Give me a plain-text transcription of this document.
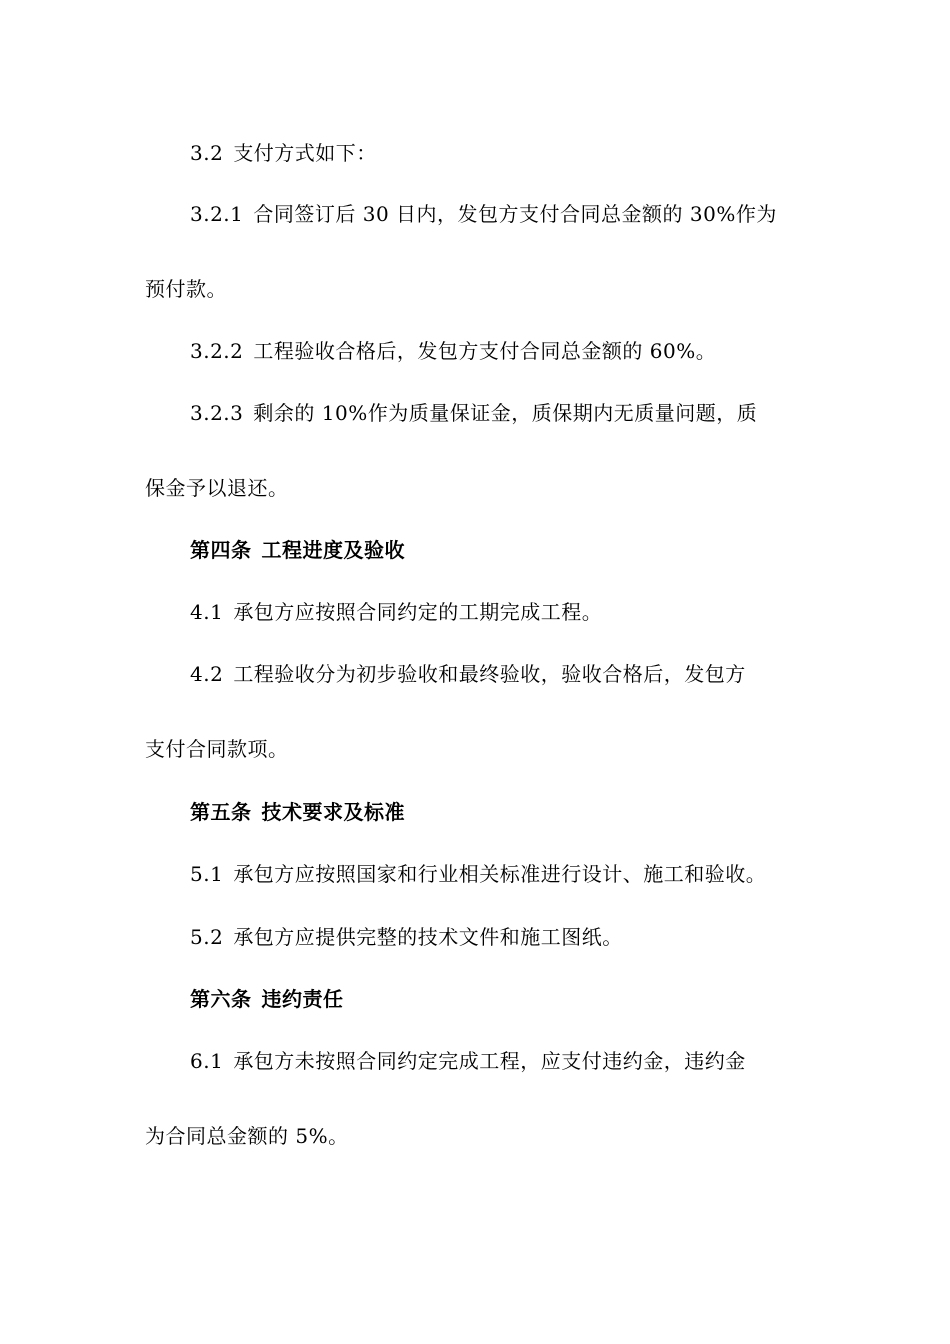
3.2 支付方式如下：
3.2.1 合同签订后 30 日内，发包方支付合同总金额的 30%作为
预付款。
3.2.2 工程验收合格后，发包方支付合同总金额的 60%。
3.2.3 剩余的 10%作为质量保证金，质保期内无质量问题，质
保金予以退还。
第四条 工程进度及验收
4.1 承包方应按照合同约定的工期完成工程。
4.2 工程验收分为初步验收和最终验收，验收合格后，发包方
支付合同款项。
第五条 技术要求及标准
5.1 承包方应按照国家和行业相关标准进行设计、施工和验收。
5.2 承包方应提供完整的技术文件和施工图纸。
第六条 违约责任
6.1 承包方未按照合同约定完成工程，应支付违约金，违约金
为合同总金额的 5%。
